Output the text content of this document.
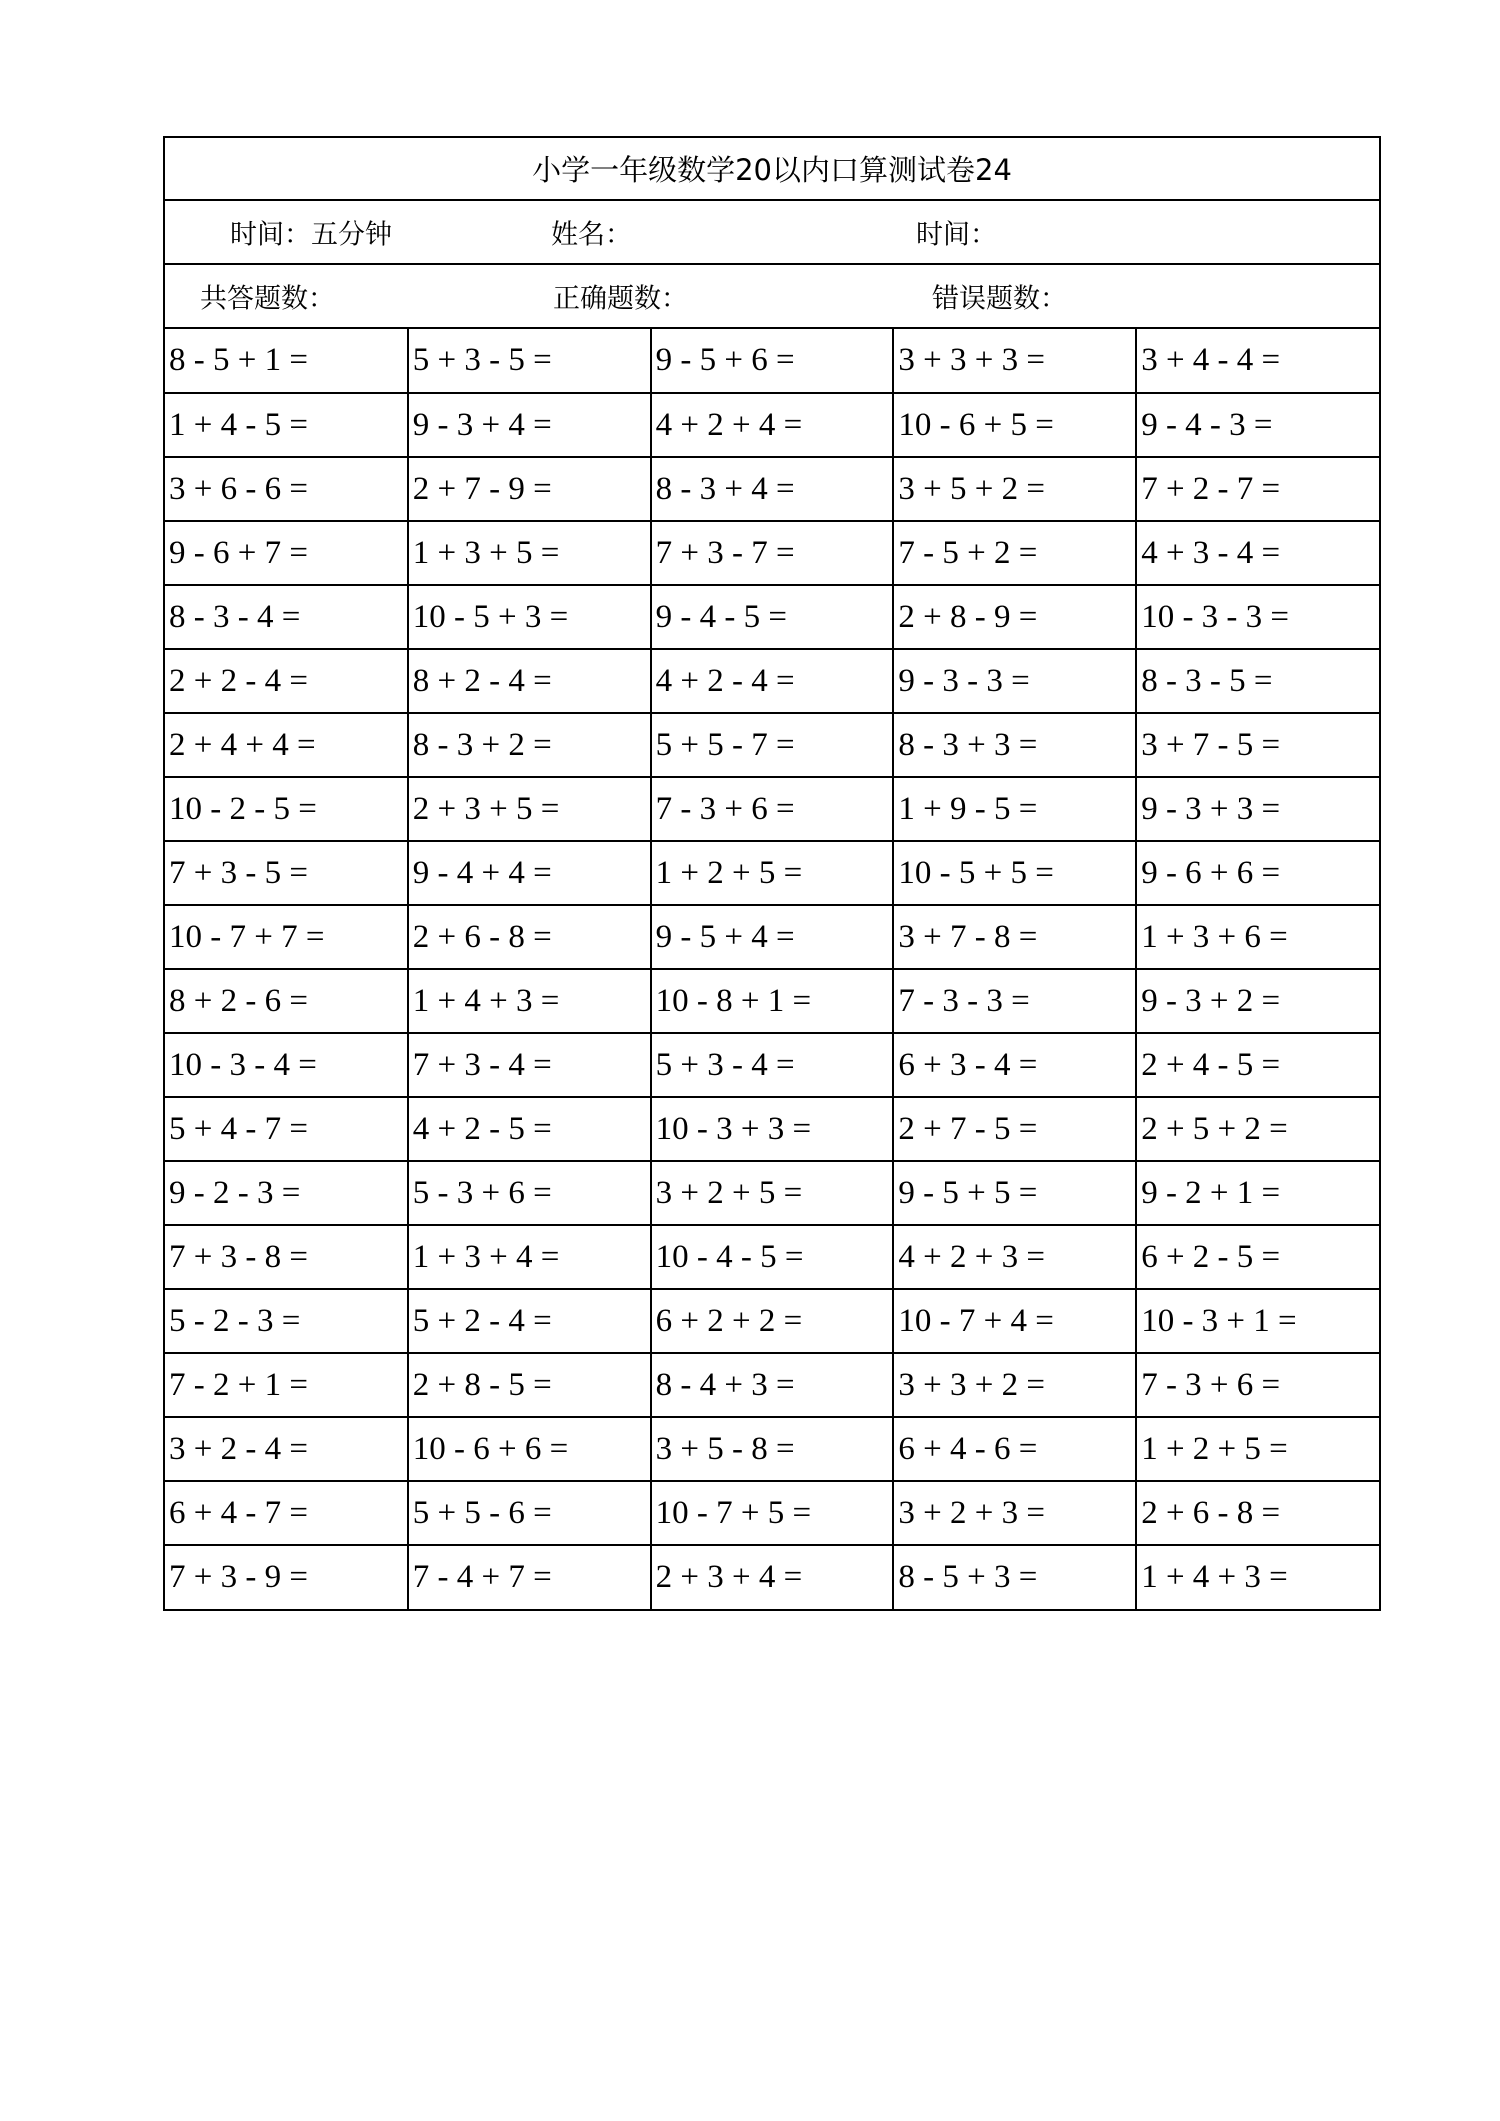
小学一年级数学20以内口算测试卷24
时间：五分钟	姓名：	时间：
共答题数：	正确题数：	错误题数：
8 - 5 + 1 =	5 + 3 - 5 =	9 - 5 + 6 =	3 + 3 + 3 =	3 + 4 - 4 =
1 + 4 - 5 =	9 - 3 + 4 =	4 + 2 + 4 =	10 - 6 + 5 =	9 - 4 - 3 =
3 + 6 - 6 =	2 + 7 - 9 =	8 - 3 + 4 =	3 + 5 + 2 =	7 + 2 - 7 =
9 - 6 + 7 =	1 + 3 + 5 =	7 + 3 - 7 =	7 - 5 + 2 =	4 + 3 - 4 =
8 - 3 - 4 =	10 - 5 + 3 =	9 - 4 - 5 =	2 + 8 - 9 =	10 - 3 - 3 =
2 + 2 - 4 =	8 + 2 - 4 =	4 + 2 - 4 =	9 - 3 - 3 =	8 - 3 - 5 =
2 + 4 + 4 =	8 - 3 + 2 =	5 + 5 - 7 =	8 - 3 + 3 =	3 + 7 - 5 =
10 - 2 - 5 =	2 + 3 + 5 =	7 - 3 + 6 =	1 + 9 - 5 =	9 - 3 + 3 =
7 + 3 - 5 =	9 - 4 + 4 =	1 + 2 + 5 =	10 - 5 + 5 =	9 - 6 + 6 =
10 - 7 + 7 =	2 + 6 - 8 =	9 - 5 + 4 =	3 + 7 - 8 =	1 + 3 + 6 =
8 + 2 - 6 =	1 + 4 + 3 =	10 - 8 + 1 =	7 - 3 - 3 =	9 - 3 + 2 =
10 - 3 - 4 =	7 + 3 - 4 =	5 + 3 - 4 =	6 + 3 - 4 =	2 + 4 - 5 =
5 + 4 - 7 =	4 + 2 - 5 =	10 - 3 + 3 =	2 + 7 - 5 =	2 + 5 + 2 =
9 - 2 - 3 =	5 - 3 + 6 =	3 + 2 + 5 =	9 - 5 + 5 =	9 - 2 + 1 =
7 + 3 - 8 =	1 + 3 + 4 =	10 - 4 - 5 =	4 + 2 + 3 =	6 + 2 - 5 =
5 - 2 - 3 =	5 + 2 - 4 =	6 + 2 + 2 =	10 - 7 + 4 =	10 - 3 + 1 =
7 - 2 + 1 =	2 + 8 - 5 =	8 - 4 + 3 =	3 + 3 + 2 =	7 - 3 + 6 =
3 + 2 - 4 =	10 - 6 + 6 =	3 + 5 - 8 =	6 + 4 - 6 =	1 + 2 + 5 =
6 + 4 - 7 =	5 + 5 - 6 =	10 - 7 + 5 =	3 + 2 + 3 =	2 + 6 - 8 =
7 + 3 - 9 =	7 - 4 + 7 =	2 + 3 + 4 =	8 - 5 + 3 =	1 + 4 + 3 =
